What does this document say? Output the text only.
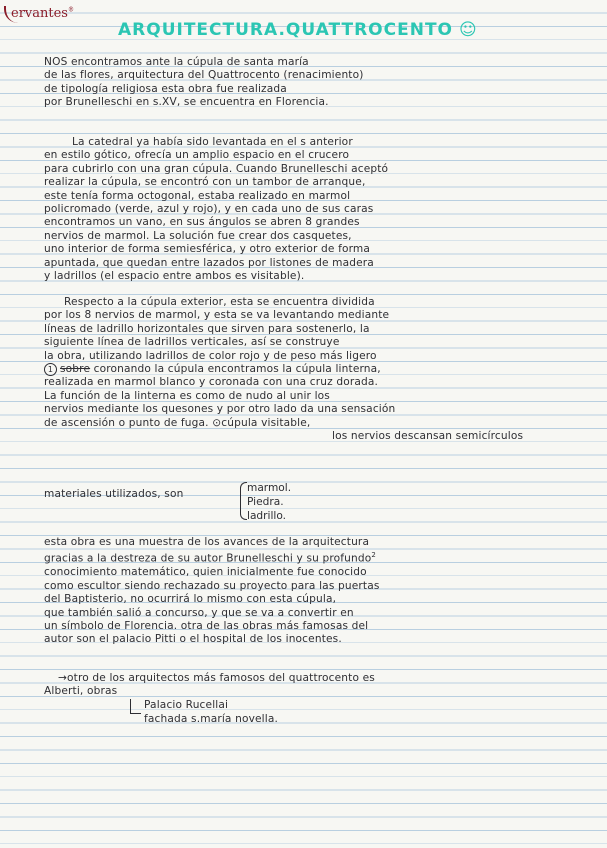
ervantes®
ARQUITECTURA.QUATTROCENTO ☺
NOS encontramos ante la cúpula de santa maría
de las flores, arquitectura del Quattrocento (renacimiento)
de tipología religiosa esta obra fue realizada
por Brunelleschi en s.XV, se encuentra en Florencia.
La catedral ya había sido levantada en el s anterior
en estilo gótico, ofrecía un amplio espacio en el crucero
para cubrirlo con una gran cúpula. Cuando Brunelleschi aceptó
realizar la cúpula, se encontró con un tambor de arranque,
este tenía forma octogonal, estaba realizado en marmol
policromado (verde, azul y rojo), y en cada uno de sus caras
encontramos un vano, en sus ángulos se abren 8 grandes
nervios de marmol. La solución fue crear dos casquetes,
uno interior de forma semiesférica, y otro exterior de forma
apuntada, que quedan entre lazados por listones de madera
y ladrillos (el espacio entre ambos es visitable).
Respecto a la cúpula exterior, esta se encuentra dividida
por los 8 nervios de marmol, y esta se va levantando mediante
líneas de ladrillo horizontales que sirven para sostenerlo, la
siguiente línea de ladrillos verticales, así se construye
la obra, utilizando ladrillos de color rojo y de peso más ligero
1 sobre coronando la cúpula encontramos la cúpula linterna,
realizada en marmol blanco y coronada con una cruz dorada.
La función de la linterna es como de nudo al unir los
nervios mediante los quesones y por otro lado da una sensación
de ascensión o punto de fuga. ⊙cúpula visitable,
los nervios descansan semicírculos
materiales utilizados, son	marmol.
Piedra.
ladrillo.
esta obra es una muestra de los avances de la arquitectura
gracias a la destreza de su autor Brunelleschi y su profundo$^2$
conocimiento matemático, quien inicialmente fue conocido
como escultor siendo rechazado su proyecto para las puertas
del Baptisterio, no ocurrirá lo mismo con esta cúpula,
que también salió a concurso, y que se va a convertir en
un símbolo de Florencia. otra de las obras más famosas del
autor son el palacio Pitti o el hospital de los inocentes.
→otro de los arquitectos más famosos del quattrocento es
Alberti, obras
Palacio Rucellai
fachada s.maría novella.
